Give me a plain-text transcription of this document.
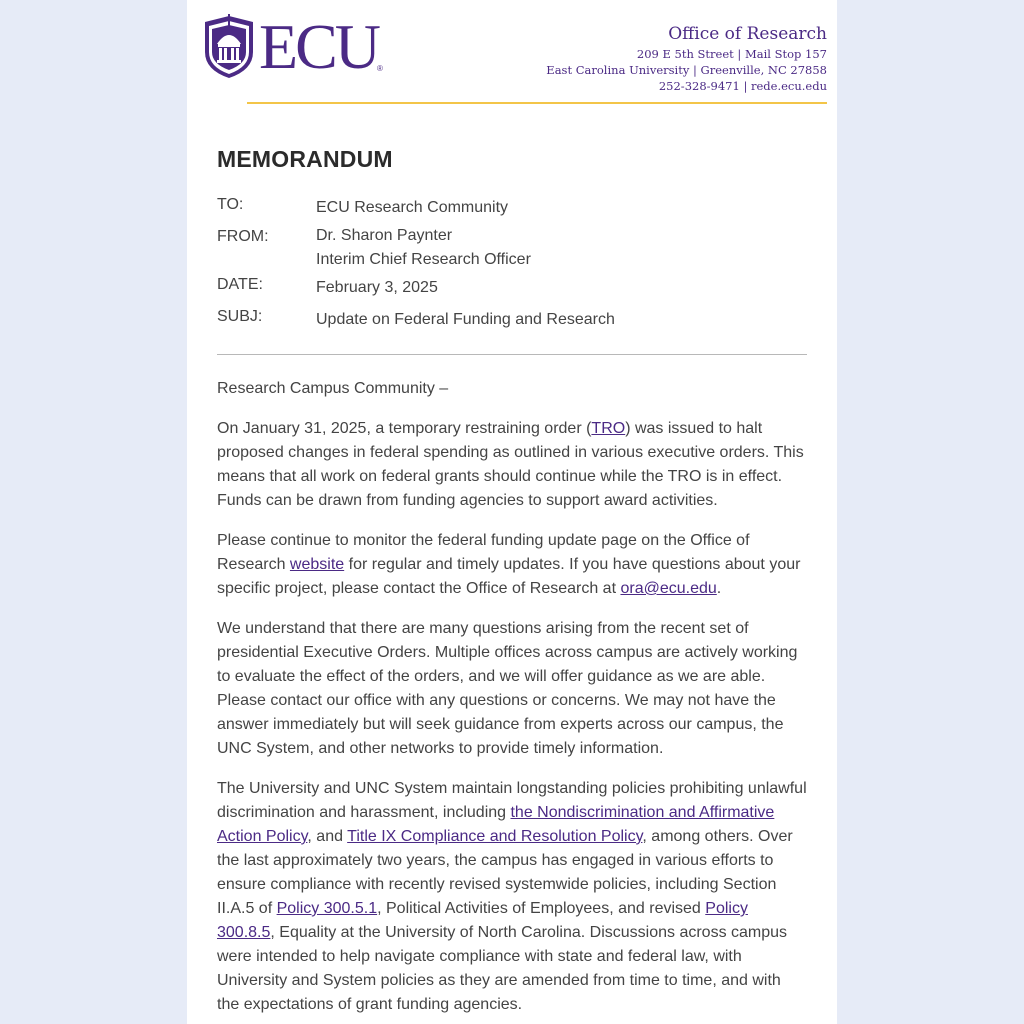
ECU ®
Office of Research
209 E 5th Street | Mail Stop 157
East Carolina University | Greenville, NC 27858
252-328-9471 | rede.ecu.edu
MEMORANDUM
TO:	ECU Research Community
FROM:	Dr. Sharon Paynter
Interim Chief Research Officer
DATE:	February 3, 2025
SUBJ:	Update on Federal Funding and Research

Research Campus Community –

On January 31, 2025, a temporary restraining order (TRO) was issued to halt proposed changes in federal spending as outlined in various executive orders. This means that all work on federal grants should continue while the TRO is in effect. Funds can be drawn from funding agencies to support award activities.

Please continue to monitor the federal funding update page on the Office of Research website for regular and timely updates. If you have questions about your specific project, please contact the Office of Research at ora@ecu.edu.

We understand that there are many questions arising from the recent set of presidential Executive Orders. Multiple offices across campus are actively working to evaluate the effect of the orders, and we will offer guidance as we are able. Please contact our office with any questions or concerns. We may not have the answer immediately but will seek guidance from experts across our campus, the UNC System, and other networks to provide timely information.

The University and UNC System maintain longstanding policies prohibiting unlawful discrimination and harassment, including the Nondiscrimination and Affirmative Action Policy, and Title IX Compliance and Resolution Policy, among others. Over the last approximately two years, the campus has engaged in various efforts to ensure compliance with recently revised systemwide policies, including Section II.A.5 of Policy 300.5.1, Political Activities of Employees, and revised Policy 300.8.5, Equality at the University of North Carolina. Discussions across campus were intended to help navigate compliance with state and federal law, with University and System policies as they are amended from time to time, and with the expectations of grant funding agencies.
